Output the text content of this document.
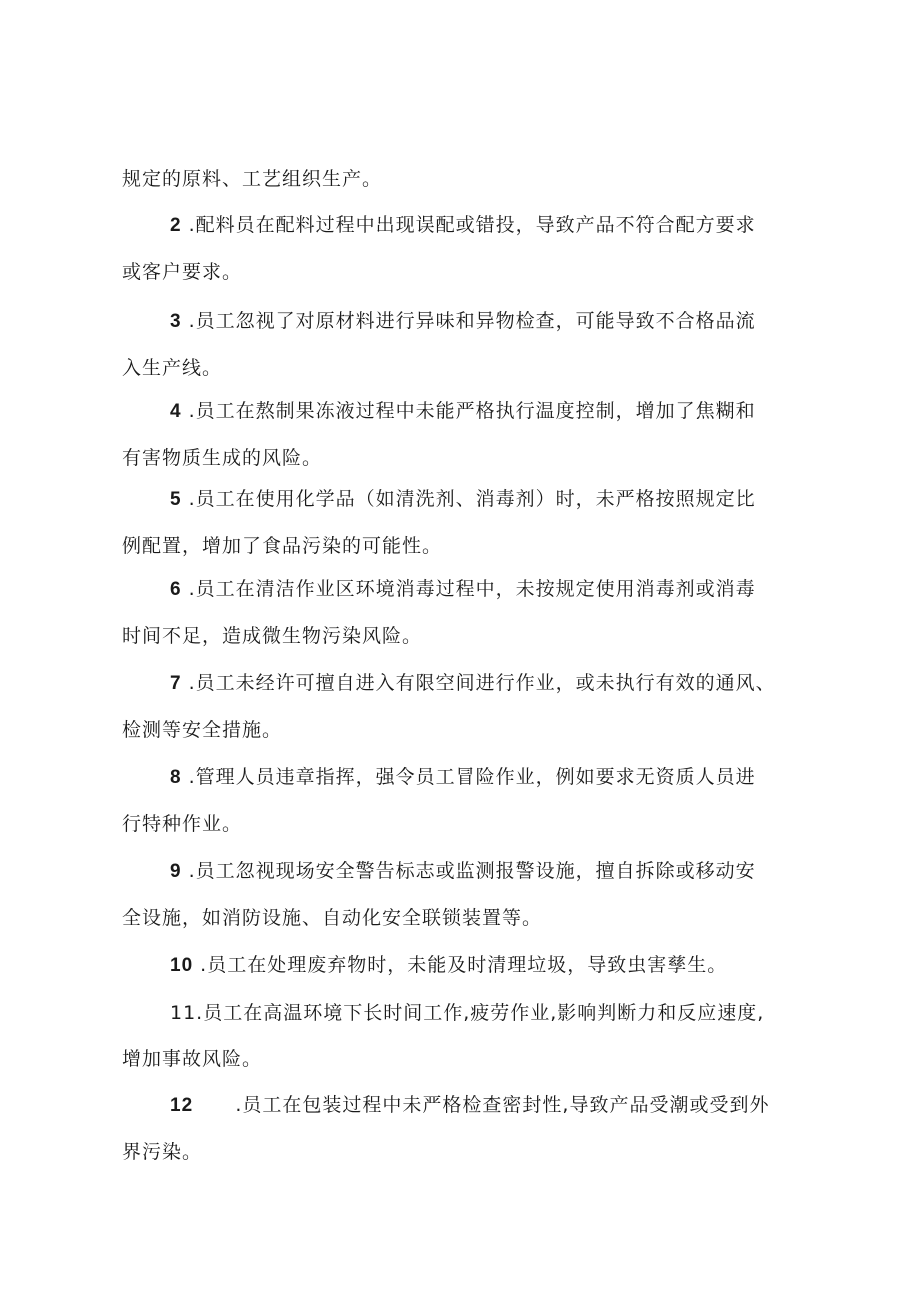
规定的原料、工艺组织生产。

2 .配料员在配料过程中出现误配或错投，导致产品不符合配方要求
或客户要求。

3 .员工忽视了对原材料进行异味和异物检查，可能导致不合格品流
入生产线。

4 .员工在熬制果冻液过程中未能严格执行温度控制，增加了焦糊和
有害物质生成的风险。

5 .员工在使用化学品（如清洗剂、消毒剂）时，未严格按照规定比
例配置，增加了食品污染的可能性。

6 .员工在清洁作业区环境消毒过程中，未按规定使用消毒剂或消毒
时间不足，造成微生物污染风险。

7 .员工未经许可擅自进入有限空间进行作业，或未执行有效的通风、
检测等安全措施。

8 .管理人员违章指挥，强令员工冒险作业，例如要求无资质人员进
行特种作业。

9 .员工忽视现场安全警告标志或监测报警设施，擅自拆除或移动安
全设施，如消防设施、自动化安全联锁装置等。

10 .员工在处理废弃物时，未能及时清理垃圾，导致虫害孳生。

11.员工在高温环境下长时间工作,疲劳作业,影响判断力和反应速度,
增加事故风险。

12      .员工在包装过程中未严格检查密封性,导致产品受潮或受到外
界污染。
